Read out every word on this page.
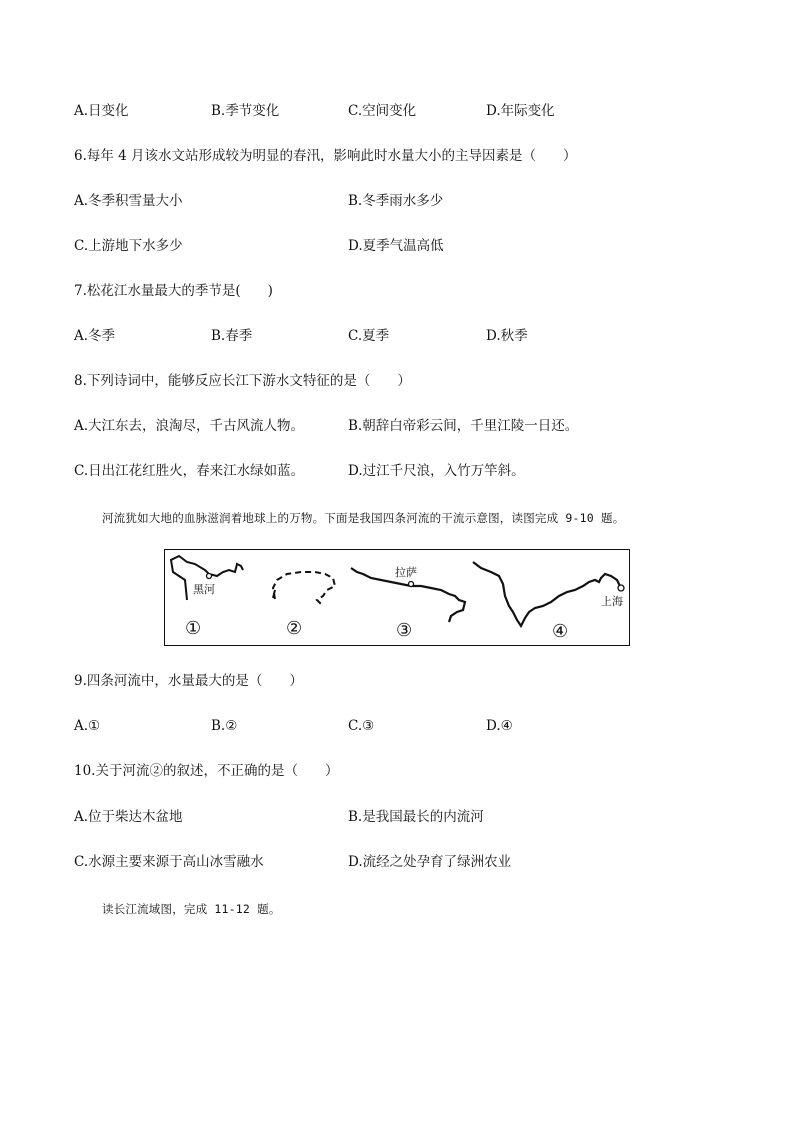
A.日变化	B.季节变化	C.空间变化	D.年际变化
6.每年 4 月该水文站形成较为明显的春汛，影响此时水量大小的主导因素是（　　）
A.冬季积雪量大小	B.冬季雨水多少
C.上游地下水多少	D.夏季气温高低
7.松花江水量最大的季节是(　　)
A.冬季	B.春季	C.夏季	D.秋季
8.下列诗词中，能够反应长江下游水文特征的是（　　）
A.大江东去，浪淘尽，千古风流人物。	B.朝辞白帝彩云间，千里江陵一日还。
C.日出江花红胜火，春来江水绿如蓝。	D.过江千尺浪，入竹万竿斜。
河流犹如大地的血脉滋润着地球上的万物。下面是我国四条河流的干流示意图，读图完成 9-10 题。
黑河
拉萨
上海
①	②	③	④
9.四条河流中，水量最大的是（　　）
A.①	B.②	C.③	D.④
10.关于河流②的叙述，不正确的是（　　）
A.位于柴达木盆地	B.是我国最长的内流河
C.水源主要来源于高山冰雪融水	D.流经之处孕育了绿洲农业
读长江流域图，完成 11-12 题。
